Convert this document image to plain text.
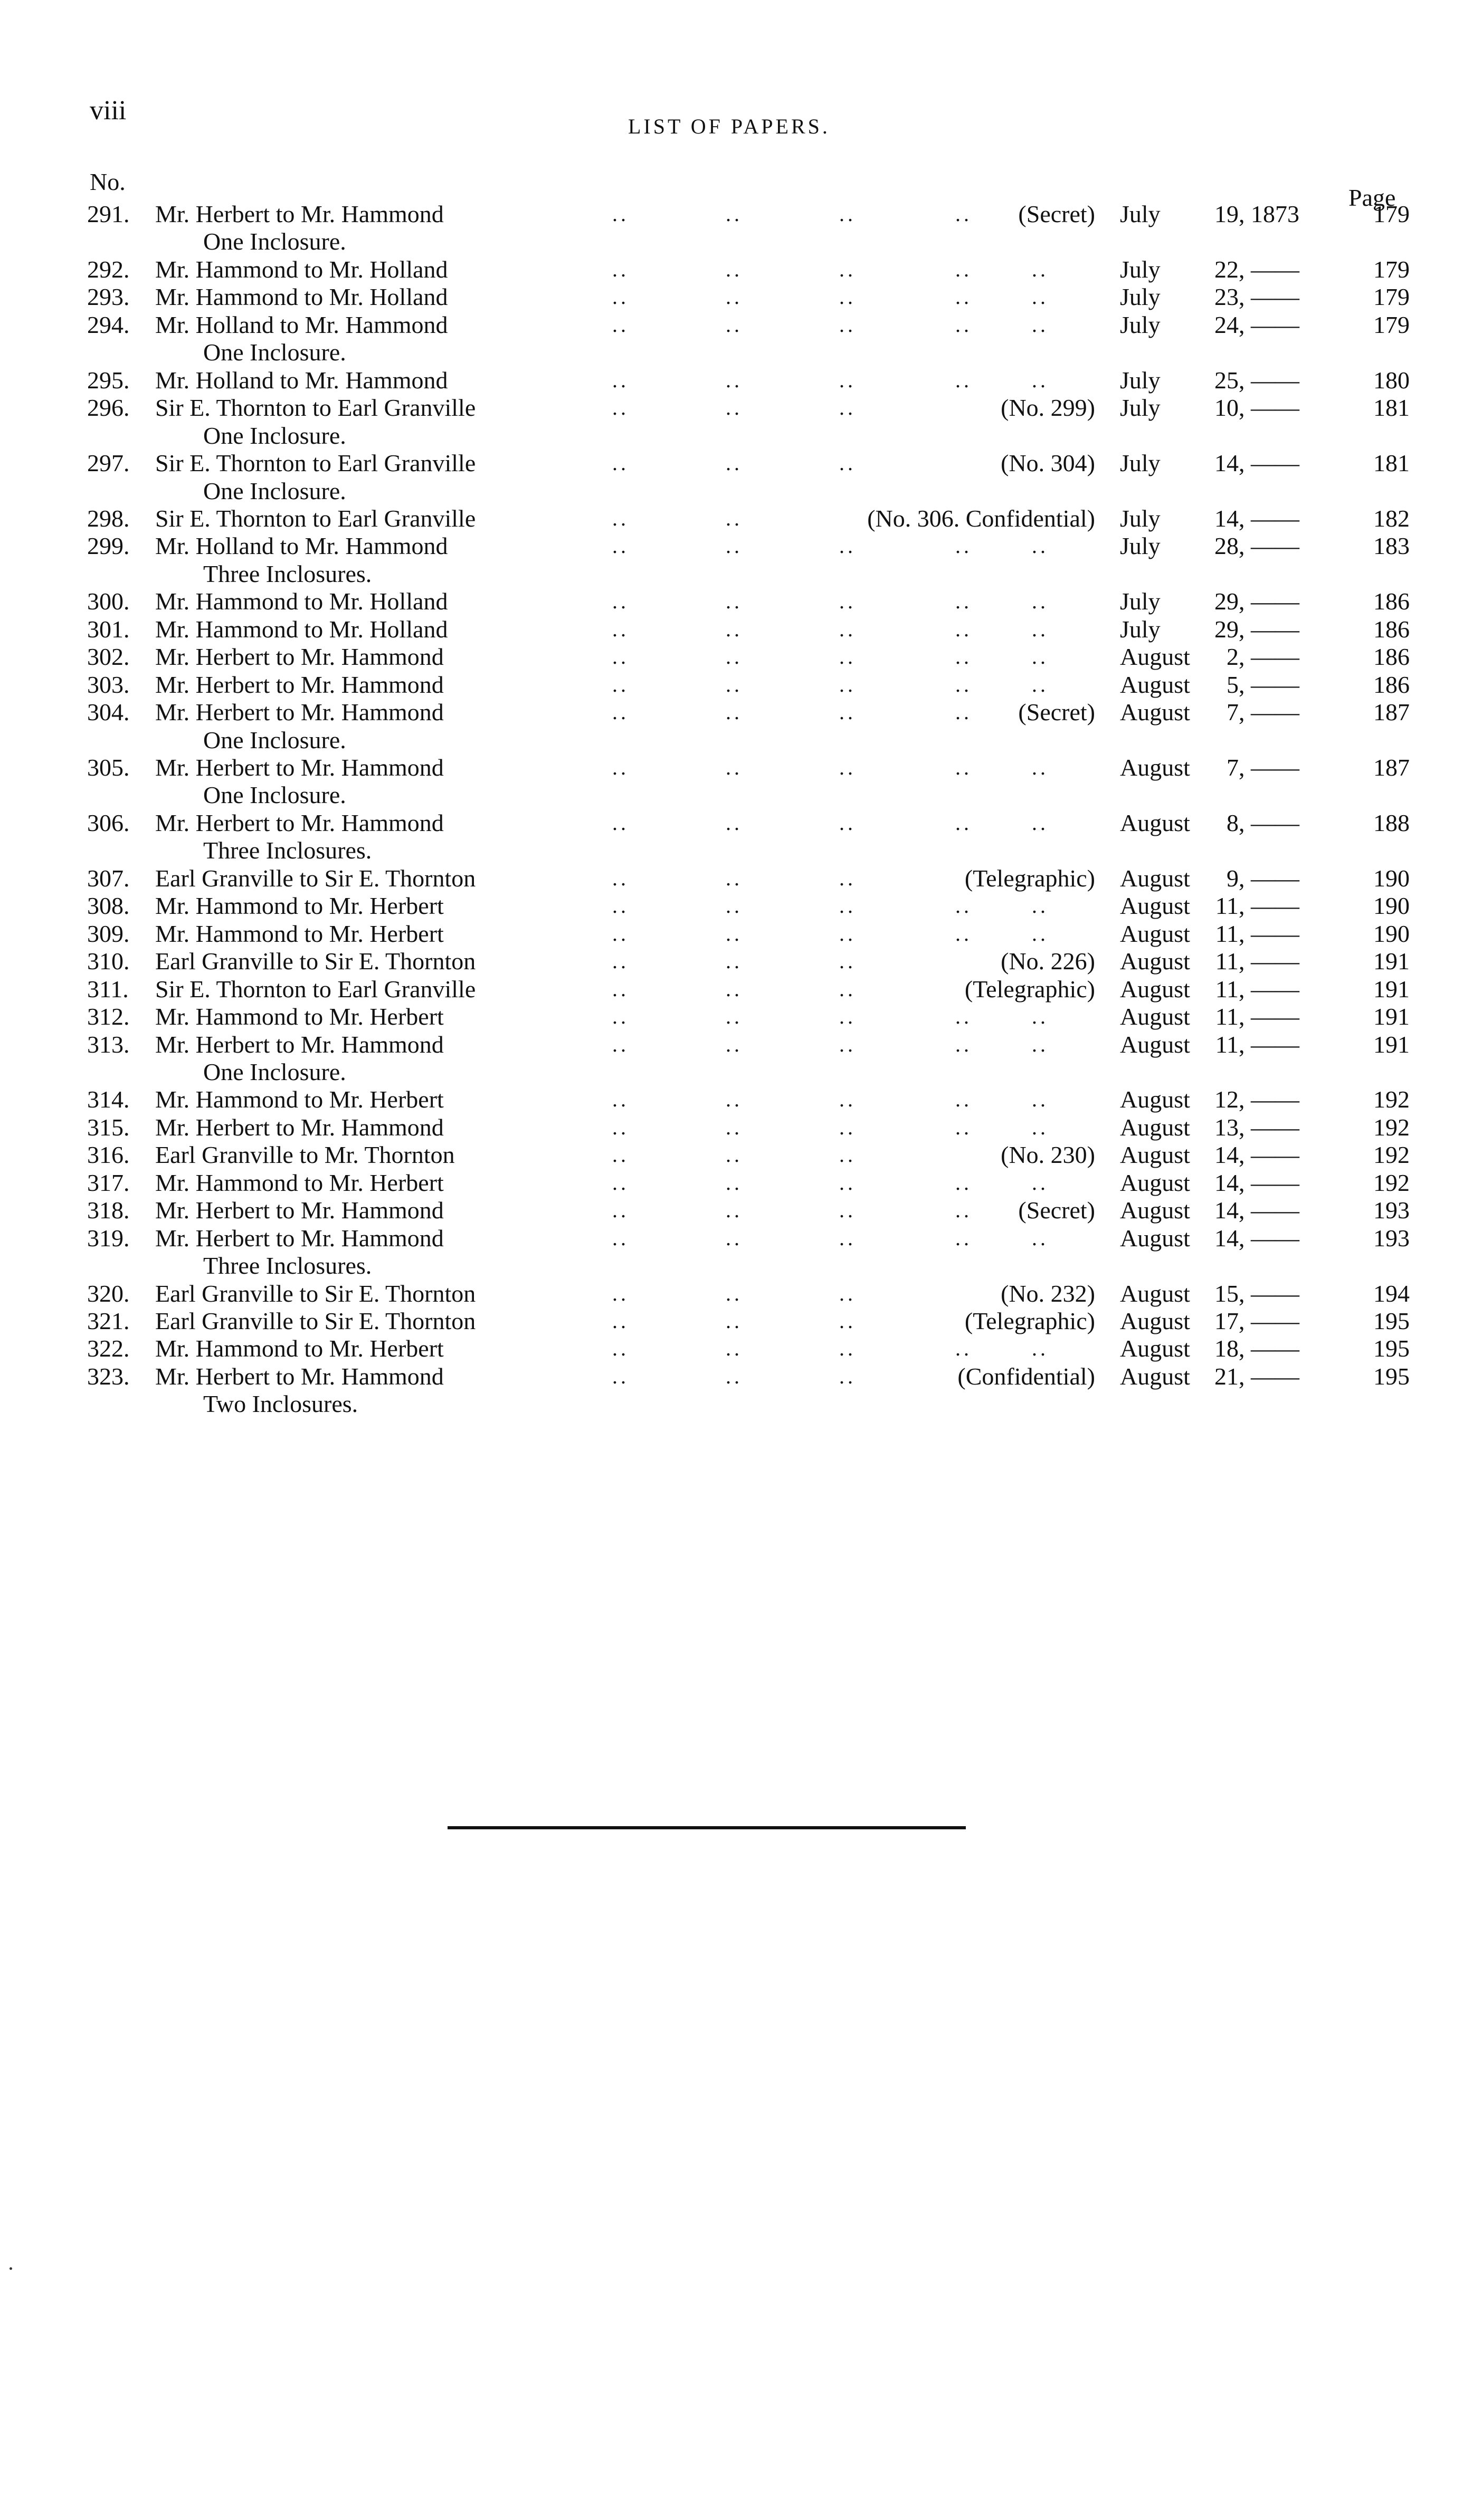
viii
LIST OF PAPERS.
No.
Page
291. Mr. Herbert to Mr. Hammond	..	..	..	.. (Secret) July 19, 1873	179
One Inclosure.
292. Mr. Hammond to Mr. Holland	..	..	..	..	..	July 22, ——	179
293. Mr. Hammond to Mr. Holland	..	..	..	..	..	July 23, ——	179
294. Mr. Holland to Mr. Hammond	..	..	..	..	..	July 24, ——	179
One Inclosure.
295. Mr. Holland to Mr. Hammond	..	..	..	..	..	July 25, ——	180
296. Sir E. Thornton to Earl Granville	..	..	..	(No. 299) July 10, ——	181
One Inclosure.
297. Sir E. Thornton to Earl Granville	..	..	..	(No. 304) July 14, ——	181
One Inclosure.
298. Sir E. Thornton to Earl Granville	..	..	(No. 306. Confidential) July 14, ——	182
299. Mr. Holland to Mr. Hammond	..	..	..	..	..	July 28, ——	183
Three Inclosures.
300. Mr. Hammond to Mr. Holland	..	..	..	..	..	July 29, ——	186
301. Mr. Hammond to Mr. Holland	..	..	..	..	..	July 29, ——	186
302. Mr. Herbert to Mr. Hammond	..	..	..	..	..	August 2, ——	186
303. Mr. Herbert to Mr. Hammond	..	..	..	..	..	August 5, ——	186
304. Mr. Herbert to Mr. Hammond	..	..	..	.. (Secret) August 7, ——	187
One Inclosure.
305. Mr. Herbert to Mr. Hammond	..	..	..	..	..	August 7, ——	187
One Inclosure.
306. Mr. Herbert to Mr. Hammond	..	..	..	..	..	August 8, ——	188
Three Inclosures.
307. Earl Granville to Sir E. Thornton	..	..	..	(Telegraphic) August 9, ——	190
308. Mr. Hammond to Mr. Herbert	..	..	..	..	..	August 11, ——	190
309. Mr. Hammond to Mr. Herbert	..	..	..	..	..	August 11, ——	190
310. Earl Granville to Sir E. Thornton	..	..	..	(No. 226) August 11, ——	191
311. Sir E. Thornton to Earl Granville	..	..	..	(Telegraphic) August 11, ——	191
312. Mr. Hammond to Mr. Herbert	..	..	..	..	..	August 11, ——	191
313. Mr. Herbert to Mr. Hammond	..	..	..	..	..	August 11, ——	191
One Inclosure.
314. Mr. Hammond to Mr. Herbert	..	..	..	..	..	August 12, ——	192
315. Mr. Herbert to Mr. Hammond	..	..	..	..	..	August 13, ——	192
316. Earl Granville to Mr. Thornton	..	..	..	(No. 230) August 14, ——	192
317. Mr. Hammond to Mr. Herbert	..	..	..	..	..	August 14, ——	192
318. Mr. Herbert to Mr. Hammond	..	..	..	.. (Secret) August 14, ——	193
319. Mr. Herbert to Mr. Hammond	..	..	..	..	..	August 14, ——	193
Three Inclosures.
320. Earl Granville to Sir E. Thornton	..	..	..	(No. 232) August 15, ——	194
321. Earl Granville to Sir E. Thornton	..	..	..	(Telegraphic) August 17, ——	195
322. Mr. Hammond to Mr. Herbert	..	..	..	..	..	August 18, ——	195
323. Mr. Herbert to Mr. Hammond	..	..	..	(Confidential) August 21, ——	195
Two Inclosures.
